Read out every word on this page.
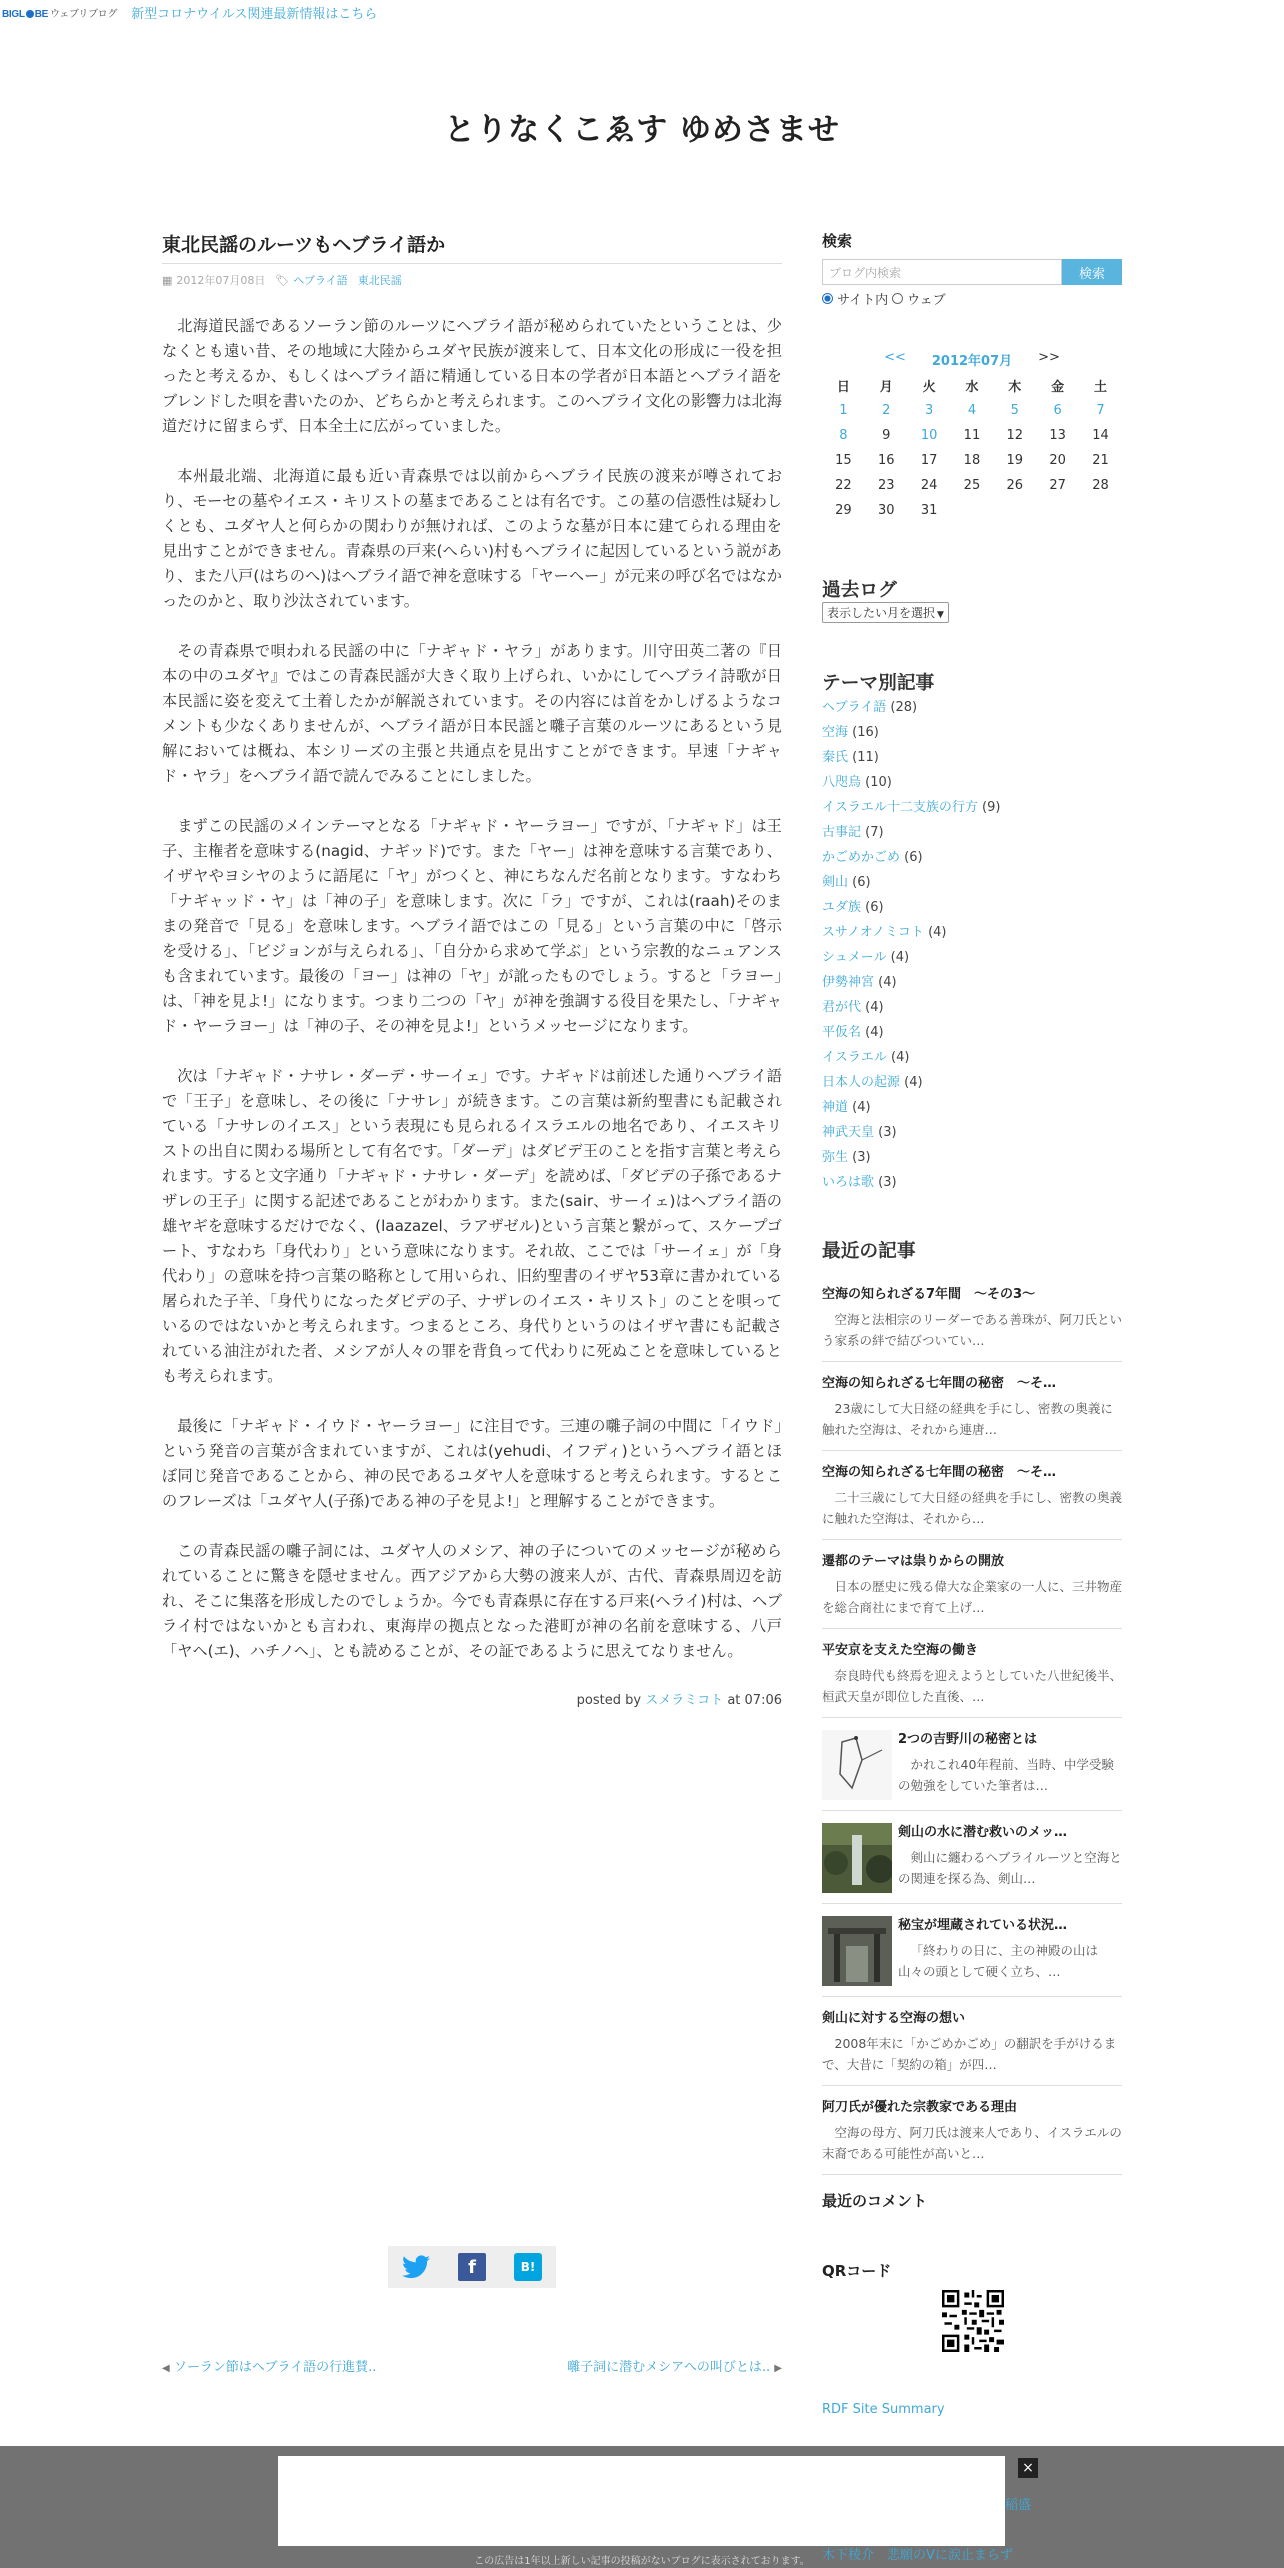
BIGL BE ウェブリブログ 新型コロナウイルス関連最新情報はこちら
とりなくこゑす ゆめさませ
東北民謡のルーツもヘブライ語か
▦ 2012年07月08日 🏷 ヘブライ語 東北民謡

北海道民謡であるソーラン節のルーツにヘブライ語が秘められていたということは、少なくとも遠い昔、その地域に大陸からユダヤ民族が渡来して、日本文化の形成に一役を担ったと考えるか、もしくはヘブライ語に精通している日本の学者が日本語とヘブライ語をブレンドした唄を書いたのか、どちらかと考えられます。このヘブライ文化の影響力は北海道だけに留まらず、日本全土に広がっていました。

本州最北端、北海道に最も近い青森県では以前からヘブライ民族の渡来が噂されており、モーセの墓やイエス・キリストの墓まであることは有名です。この墓の信憑性は疑わしくとも、ユダヤ人と何らかの関わりが無ければ、このような墓が日本に建てられる理由を見出すことができません。青森県の戸来(へらい)村もヘブライに起因しているという説があり、また八戸(はちのへ)はヘブライ語で神を意味する「ヤーヘー」が元来の呼び名ではなかったのかと、取り沙汰されています。

その青森県で唄われる民謡の中に「ナギャド・ヤラ」があります。川守田英二著の『日本の中のユダヤ』ではこの青森民謡が大きく取り上げられ、いかにしてヘブライ詩歌が日本民謡に姿を変えて土着したかが解説されています。その内容には首をかしげるようなコメントも少なくありませんが、ヘブライ語が日本民謡と囃子言葉のルーツにあるという見解においては概ね、本シリーズの主張と共通点を見出すことができます。早速「ナギャド・ヤラ」をヘブライ語で読んでみることにしました。

まずこの民謡のメインテーマとなる「ナギャド・ヤーラヨー」ですが、「ナギャド」は王子、主権者を意味する(nagid、ナギッド)です。また「ヤー」は神を意味する言葉であり、イザヤやヨシヤのように語尾に「ヤ」がつくと、神にちなんだ名前となります。すなわち「ナギャッド・ヤ」は「神の子」を意味します。次に「ラ」ですが、これは(raah)そのままの発音で「見る」を意味します。ヘブライ語ではこの「見る」という言葉の中に「啓示を受ける」、「ビジョンが与えられる」、「自分から求めて学ぶ」という宗教的なニュアンスも含まれています。最後の「ヨー」は神の「ヤ」が訛ったものでしょう。すると「ラヨー」は、「神を見よ!」になります。つまり二つの「ヤ」が神を強調する役目を果たし、「ナギャド・ヤーラヨー」は「神の子、その神を見よ!」というメッセージになります。

次は「ナギャド・ナサレ・ダーデ・サーイェ」です。ナギャドは前述した通りヘブライ語で「王子」を意味し、その後に「ナサレ」が続きます。この言葉は新約聖書にも記載されている「ナサレのイエス」という表現にも見られるイスラエルの地名であり、イエスキリストの出自に関わる場所として有名です。「ダーデ」はダビデ王のことを指す言葉と考えられます。すると文字通り「ナギャド・ナサレ・ダーデ」を読めば、「ダビデの子孫であるナザレの王子」に関する記述であることがわかります。また(sair、サーイェ)はヘブライ語の雄ヤギを意味するだけでなく、(laazazel、ラアザゼル)という言葉と繋がって、スケープゴート、すなわち「身代わり」という意味になります。それ故、ここでは「サーイェ」が「身代わり」の意味を持つ言葉の略称として用いられ、旧約聖書のイザヤ53章に書かれている屠られた子羊、「身代りになったダビデの子、ナザレのイエス・キリスト」のことを唄っているのではないかと考えられます。つまるところ、身代りというのはイザヤ書にも記載されている油注がれた者、メシアが人々の罪を背負って代わりに死ぬことを意味しているとも考えられます。

最後に「ナギャド・イウド・ヤーラヨー」に注目です。三連の囃子詞の中間に「イウド」という発音の言葉が含まれていますが、これは(yehudi、イフディ)というヘブライ語とほぼ同じ発音であることから、神の民であるユダヤ人を意味すると考えられます。するとこのフレーズは「ユダヤ人(子孫)である神の子を見よ!」と理解することができます。

この青森民謡の囃子詞には、ユダヤ人のメシア、神の子についてのメッセージが秘められていることに驚きを隠せません。西アジアから大勢の渡来人が、古代、青森県周辺を訪れ、そこに集落を形成したのでしょうか。今でも青森県に存在する戸来(ヘライ)村は、ヘブライ村ではないかとも言われ、東海岸の拠点となった港町が神の名前を意味する、八戸「ヤヘ(エ)、ハチノヘ」、とも読めることが、その証であるように思えてなりません。

posted by スメラミコト at 07:06
f	B!
◀ ソーラン節はヘブライ語の行進賛..	囃子詞に潜むメシアへの叫びとは.. ▶
検索
ブログ内検索	検索
サイト内 ウェブ
<< 2012年07月 >>
日	月	火	水	木	金	土
1	2	3	4	5	6	7
8	9	10	11	12	13	14
15	16	17	18	19	20	21
22	23	24	25	26	27	28
29	30	31				
過去ログ
表示したい月を選択 ▼
テーマ別記事
ヘブライ語 (28)
空海 (16)
秦氏 (11)
八咫烏 (10)
イスラエル十二支族の行方 (9)
古事記 (7)
かごめかごめ (6)
剣山 (6)
ユダ族 (6)
スサノオノミコト (4)
シュメール (4)
伊勢神宮 (4)
君が代 (4)
平仮名 (4)
イスラエル (4)
日本人の起源 (4)
神道 (4)
神武天皇 (3)
弥生 (3)
いろは歌 (3)
最近の記事
空海の知られざる7年間　～その3～
空海と法相宗のリーダーである善珠が、阿刀氏という家系の絆で結びついてい…
空海の知られざる七年間の秘密　～そ…
23歳にして大日経の経典を手にし、密教の奥義に触れた空海は、それから連唐…
空海の知られざる七年間の秘密　～そ…
二十三歳にして大日経の経典を手にし、密教の奥義に触れた空海は、それから…
遷都のテーマは祟りからの開放
日本の歴史に残る偉大な企業家の一人に、三井物産を総合商社にまで育て上げ…
平安京を支えた空海の働き
奈良時代も終焉を迎えようとしていた八世紀後半、桓武天皇が即位した直後、…
2つの吉野川の秘密とは
かれこれ40年程前、当時、中学受験の勉強をしていた筆者は…
剣山の水に潜む救いのメッ…
剣山に纏わるヘブライルーツと空海との関連を探る為、剣山…
秘宝が埋蔵されている状況…
「終わりの日に、主の神殿の山は山々の頭として硬く立ち、…
剣山に対する空海の想い
2008年末に「かごめかごめ」の翻訳を手がけるまで、大昔に「契約の箱」が四…
阿刀氏が優れた宗教家である理由
空海の母方、阿刀氏は渡来人であり、イスラエルの末裔である可能性が高いと…
最近のコメント
QRコード
RDF Site Summary
×
この広告は1年以上新しい記事の投稿がないブログに表示されております。
稲盛
木下稜介　悲願のVに涙止まらず
